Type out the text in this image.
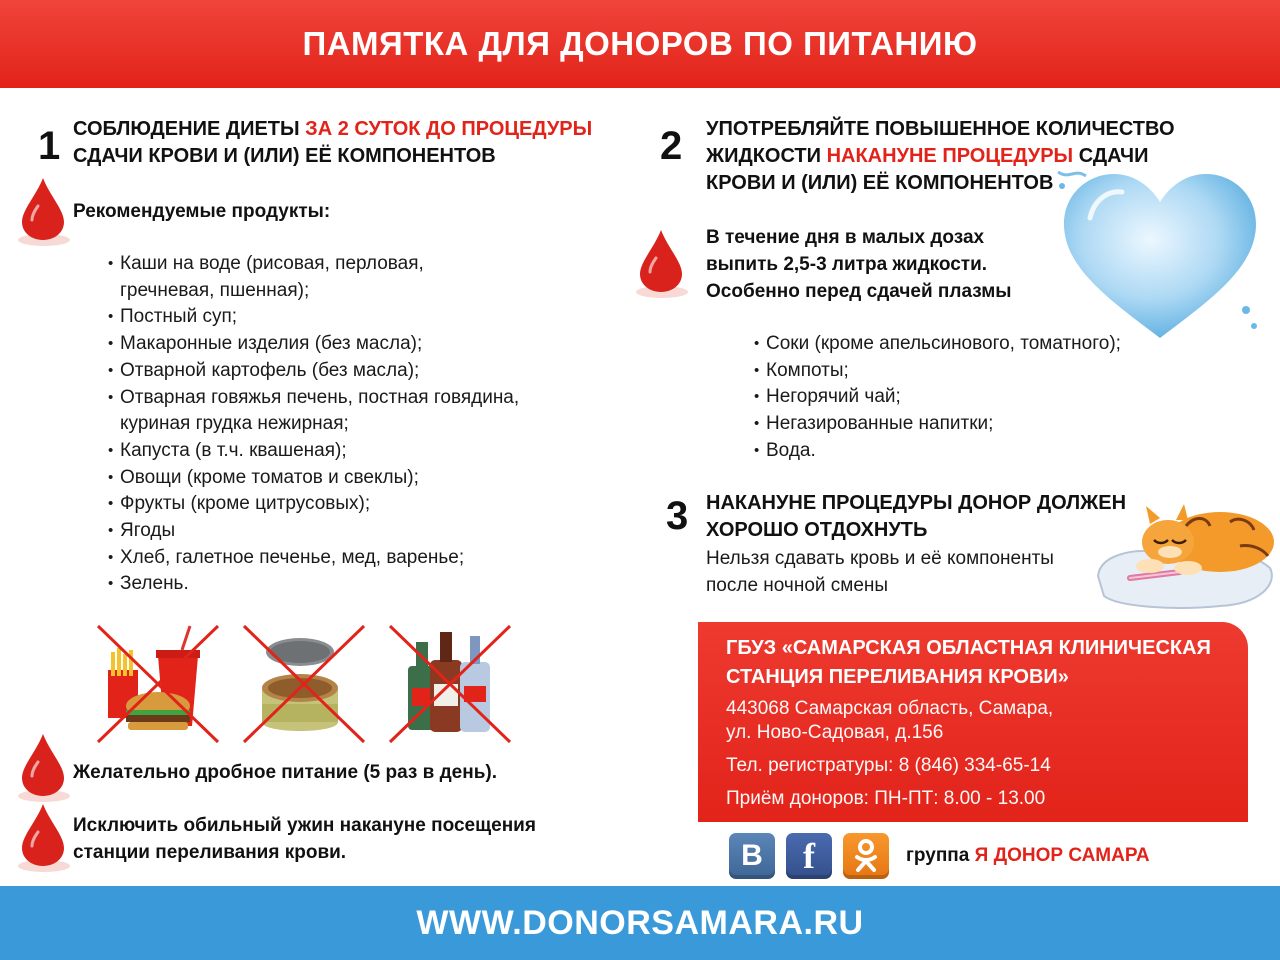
ПАМЯТКА ДЛЯ ДОНОРОВ ПО ПИТАНИЮ
1 СОБЛЮДЕНИЕ ДИЕТЫ ЗА 2 СУТОК ДО ПРОЦЕДУРЫ
СДАЧИ КРОВИ И (ИЛИ) ЕЁ КОМПОНЕНТОВ
Рекомендуемые продукты:
• Каши на воде (рисовая, перловая,
гречневая, пшенная);
• Постный суп;
• Макаронные изделия (без масла);
• Отварной картофель (без масла);
• Отварная говяжья печень, постная говядина,
куриная грудка нежирная;
• Капуста (в т.ч. квашеная);
• Овощи (кроме томатов и свеклы);
• Фрукты (кроме цитрусовых);
• Ягоды
• Хлеб, галетное печенье, мед, варенье;
• Зелень.
Желательно дробное питание (5 раз в день).
Исключить обильный ужин накануне посещения
станции переливания крови.
2 УПОТРЕБЛЯЙТЕ ПОВЫШЕННОЕ КОЛИЧЕСТВО
ЖИДКОСТИ НАКАНУНЕ ПРОЦЕДУРЫ СДАЧИ
КРОВИ И (ИЛИ) ЕЁ КОМПОНЕНТОВ
В течение дня в малых дозах
выпить 2,5-3 литра жидкости.
Особенно перед сдачей плазмы
• Соки (кроме апельсинового, томатного);
• Компоты;
• Негорячий чай;
• Негазированные напитки;
• Вода.
3 НАКАНУНЕ ПРОЦЕДУРЫ ДОНОР ДОЛЖЕН
ХОРОШО ОТДОХНУТЬ
Нельзя сдавать кровь и её компоненты
после ночной смены
ГБУЗ «САМАРСКАЯ ОБЛАСТНАЯ КЛИНИЧЕСКАЯ
СТАНЦИЯ ПЕРЕЛИВАНИЯ КРОВИ»
443068 Самарская область, Самара,
ул. Ново-Садовая, д.156
Тел. регистратуры: 8 (846) 334-65-14
Приём доноров: ПН-ПТ: 8.00 - 13.00
B f	группа Я ДОНОР САМАРА
WWW.DONORSAMARA.RU
